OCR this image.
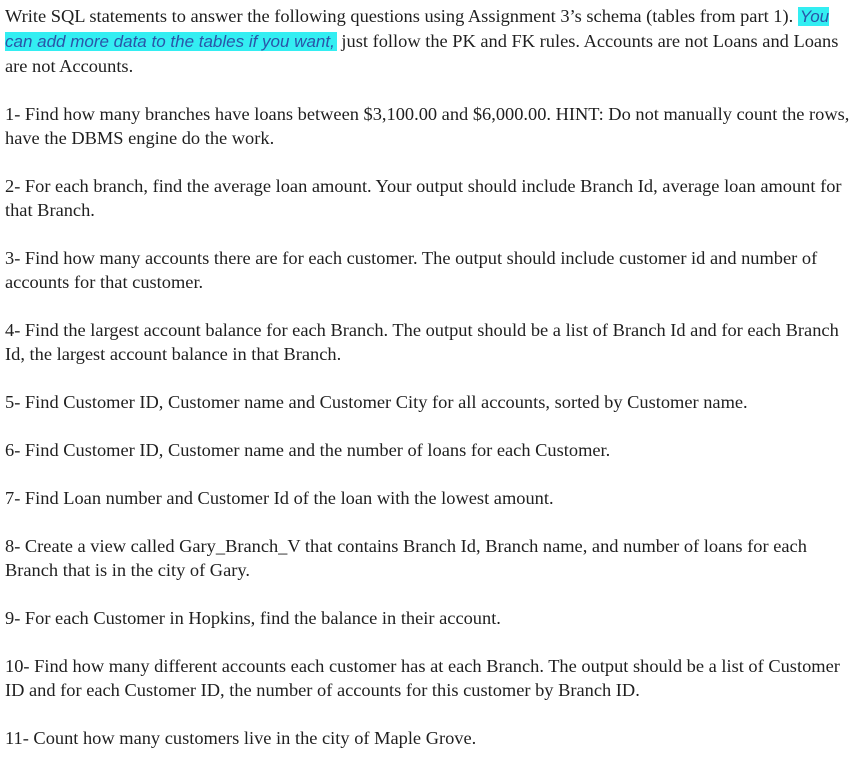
Write SQL statements to answer the following questions using Assignment 3’s schema (tables from part 1). You can add more data to the tables if you want, just follow the PK and FK rules. Accounts are not Loans and Loans are not Accounts.

1- Find how many branches have loans between $3,100.00 and $6,000.00. HINT: Do not manually count the rows, have the DBMS engine do the work.

2- For each branch, find the average loan amount. Your output should include Branch Id, average loan amount for that Branch.

3- Find how many accounts there are for each customer. The output should include customer id and number of accounts for that customer.

4- Find the largest account balance for each Branch. The output should be a list of Branch Id and for each Branch Id, the largest account balance in that Branch.

5- Find Customer ID, Customer name and Customer City for all accounts, sorted by Customer name.

6- Find Customer ID, Customer name and the number of loans for each Customer.

7- Find Loan number and Customer Id of the loan with the lowest amount.

8- Create a view called Gary_Branch_V that contains Branch Id, Branch name, and number of loans for each Branch that is in the city of Gary.

9- For each Customer in Hopkins, find the balance in their account.

10- Find how many different accounts each customer has at each Branch. The output should be a list of Customer ID and for each Customer ID, the number of accounts for this customer by Branch ID.

11- Count how many customers live in the city of Maple Grove.
